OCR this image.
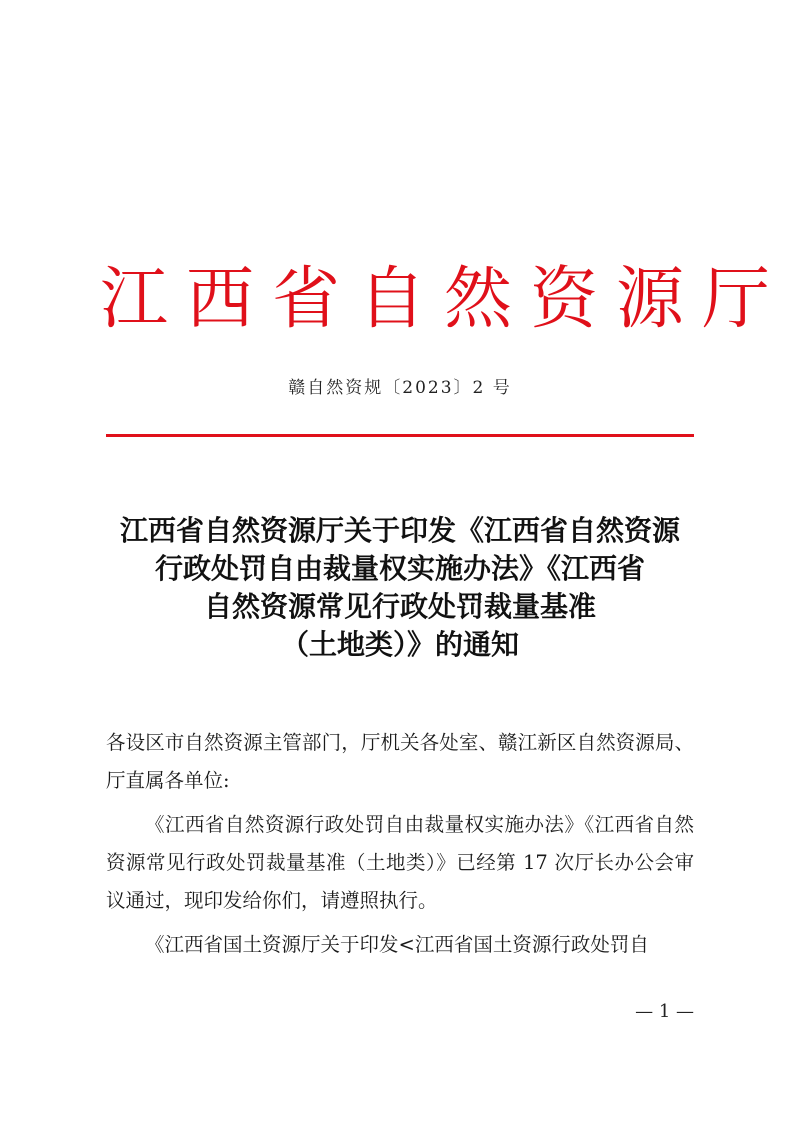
江西省自然资源厅
赣自然资规〔2023〕2 号
江西省自然资源厅关于印发《江西省自然资源
行政处罚自由裁量权实施办法》《江西省
自然资源常见行政处罚裁量基准
（土地类）》的通知

各设区市自然资源主管部门，厅机关各处室、赣江新区自然资源局、厅直属各单位:

《江西省自然资源行政处罚自由裁量权实施办法》《江西省自然资源常见行政处罚裁量基准（土地类）》已经第 17 次厅长办公会审议通过，现印发给你们，请遵照执行。

《江西省国土资源厅关于印发<江西省国土资源行政处罚自

— 1 —
